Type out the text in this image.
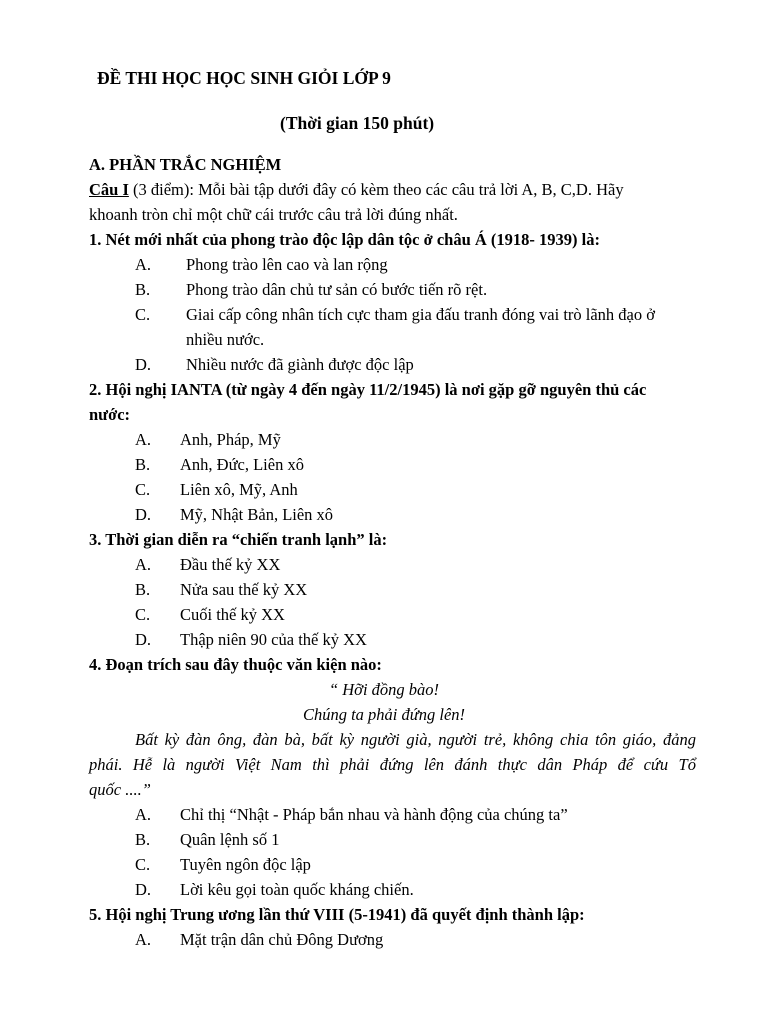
ĐỀ THI HỌC HỌC SINH GIỎI LỚP 9
(Thời gian 150 phút)
A. PHẦN TRẮC NGHIỆM
Câu I (3 điểm): Mỗi bài tập dưới đây có kèm theo các câu trả lời A, B, C,D. Hãy
khoanh tròn chỉ một chữ cái trước câu trả lời đúng nhất.
1. Nét mới nhất của phong trào độc lập dân tộc ở châu Á (1918- 1939) là:
A. Phong trào lên cao và lan rộng
B. Phong trào dân chủ tư sản có bước tiến rõ rệt.
C. Giai cấp công nhân tích cực tham gia đấu tranh đóng vai trò lãnh đạo ở
nhiều nước.
D. Nhiều nước đã giành được độc lập
2. Hội nghị IANTA (từ ngày 4 đến ngày 11/2/1945) là nơi gặp gỡ nguyên thủ các
nước:
A. Anh, Pháp, Mỹ
B. Anh, Đức, Liên xô
C. Liên xô, Mỹ, Anh
D. Mỹ, Nhật Bản, Liên xô
3. Thời gian diễn ra “chiến tranh lạnh” là:
A. Đầu thế kỷ XX
B. Nửa sau thế kỷ XX
C. Cuối thế kỷ XX
D. Thập niên 90 của thế kỷ XX
4. Đoạn trích sau đây thuộc văn kiện nào:
“ Hỡi đồng bào!
Chúng ta phải đứng lên!
Bất kỳ đàn ông, đàn bà, bất kỳ người già, người trẻ, không chia tôn giáo, đảng
phái. Hễ là người Việt Nam thì phải đứng lên đánh thực dân Pháp để cứu Tổ
quốc ....”
A. Chỉ thị “Nhật - Pháp bắn nhau và hành động của chúng ta”
B. Quân lệnh số 1
C. Tuyên ngôn độc lập
D. Lời kêu gọi toàn quốc kháng chiến.
5. Hội nghị Trung ương lần thứ VIII (5-1941) đã quyết định thành lập:
A. Mặt trận dân chủ Đông Dương
